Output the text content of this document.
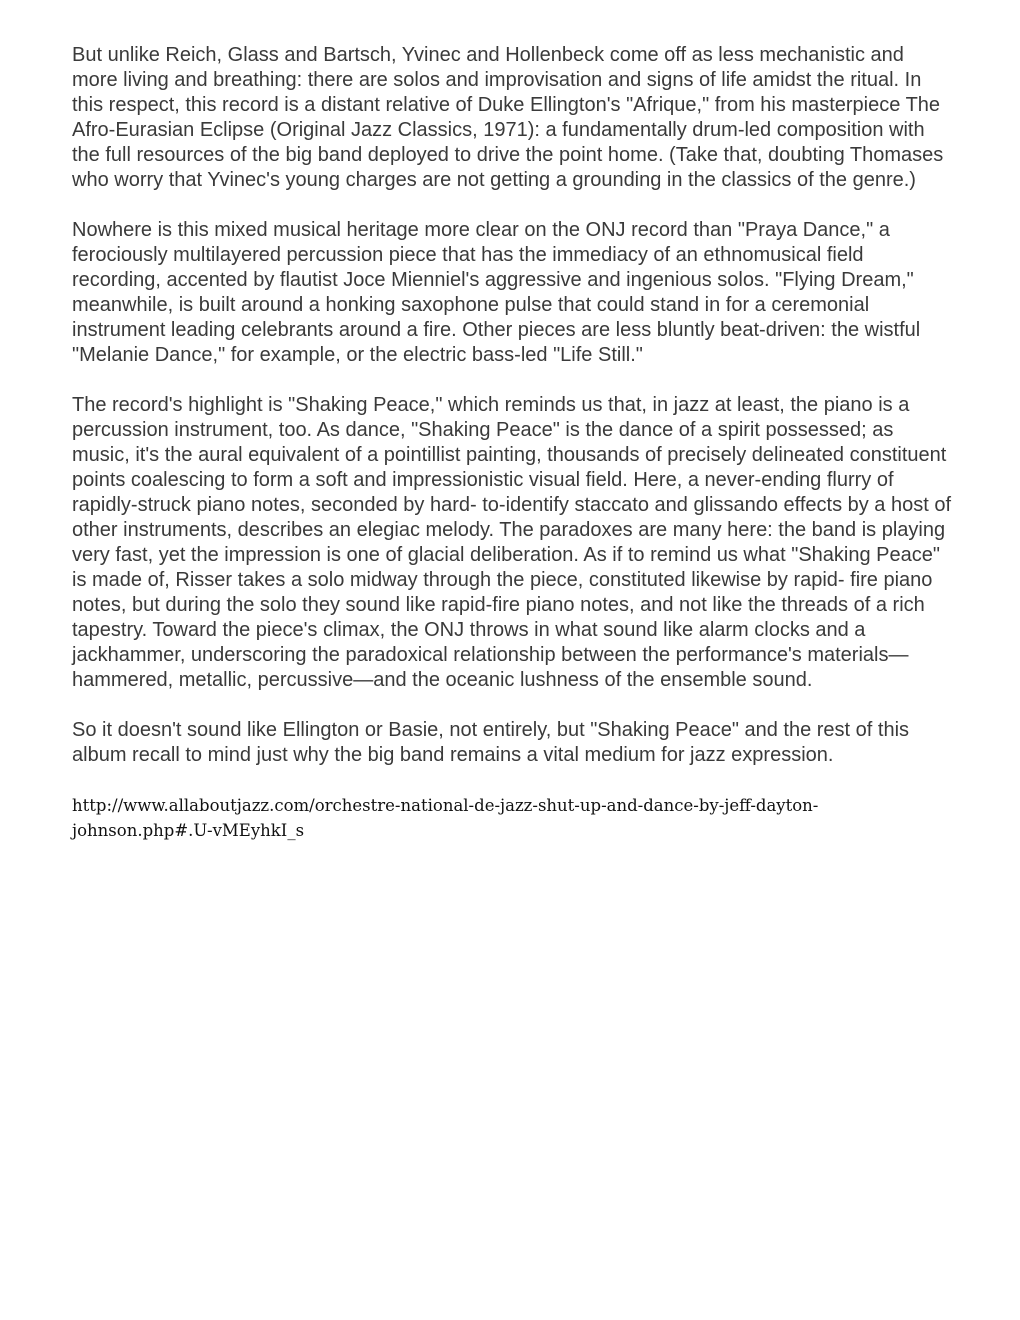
But unlike Reich, Glass and Bartsch, Yvinec and Hollenbeck come off as less mechanistic and more living and breathing: there are solos and improvisation and signs of life amidst the ritual. In this respect, this record is a distant relative of Duke Ellington's "Afrique," from his masterpiece The Afro-Eurasian Eclipse (Original Jazz Classics, 1971): a fundamentally drum-led composition with the full resources of the big band deployed to drive the point home. (Take that, doubting Thomases who worry that Yvinec's young charges are not getting a grounding in the classics of the genre.)

Nowhere is this mixed musical heritage more clear on the ONJ record than "Praya Dance," a ferociously multilayered percussion piece that has the immediacy of an ethnomusical field recording, accented by flautist Joce Mienniel's aggressive and ingenious solos. "Flying Dream," meanwhile, is built around a honking saxophone pulse that could stand in for a ceremonial instrument leading celebrants around a fire. Other pieces are less bluntly beat-driven: the wistful "Melanie Dance," for example, or the electric bass-led "Life Still."

The record's highlight is "Shaking Peace," which reminds us that, in jazz at least, the piano is a percussion instrument, too. As dance, "Shaking Peace" is the dance of a spirit possessed; as music, it's the aural equivalent of a pointillist painting, thousands of precisely delineated constituent points coalescing to form a soft and impressionistic visual field. Here, a never-ending flurry of rapidly-struck piano notes, seconded by hard- to-identify staccato and glissando effects by a host of other instruments, describes an elegiac melody. The paradoxes are many here: the band is playing very fast, yet the impression is one of glacial deliberation. As if to remind us what "Shaking Peace" is made of, Risser takes a solo midway through the piece, constituted likewise by rapid- fire piano notes, but during the solo they sound like rapid-fire piano notes, and not like the threads of a rich tapestry. Toward the piece's climax, the ONJ throws in what sound like alarm clocks and a jackhammer, underscoring the paradoxical relationship between the performance's materials— hammered, metallic, percussive—and the oceanic lushness of the ensemble sound.

So it doesn't sound like Ellington or Basie, not entirely, but "Shaking Peace" and the rest of this album recall to mind just why the big band remains a vital medium for jazz expression.

http://www.allaboutjazz.com/orchestre-national-de-jazz-shut-up-and-dance-by-jeff-dayton-johnson.php#.U-vMEyhkI_s
